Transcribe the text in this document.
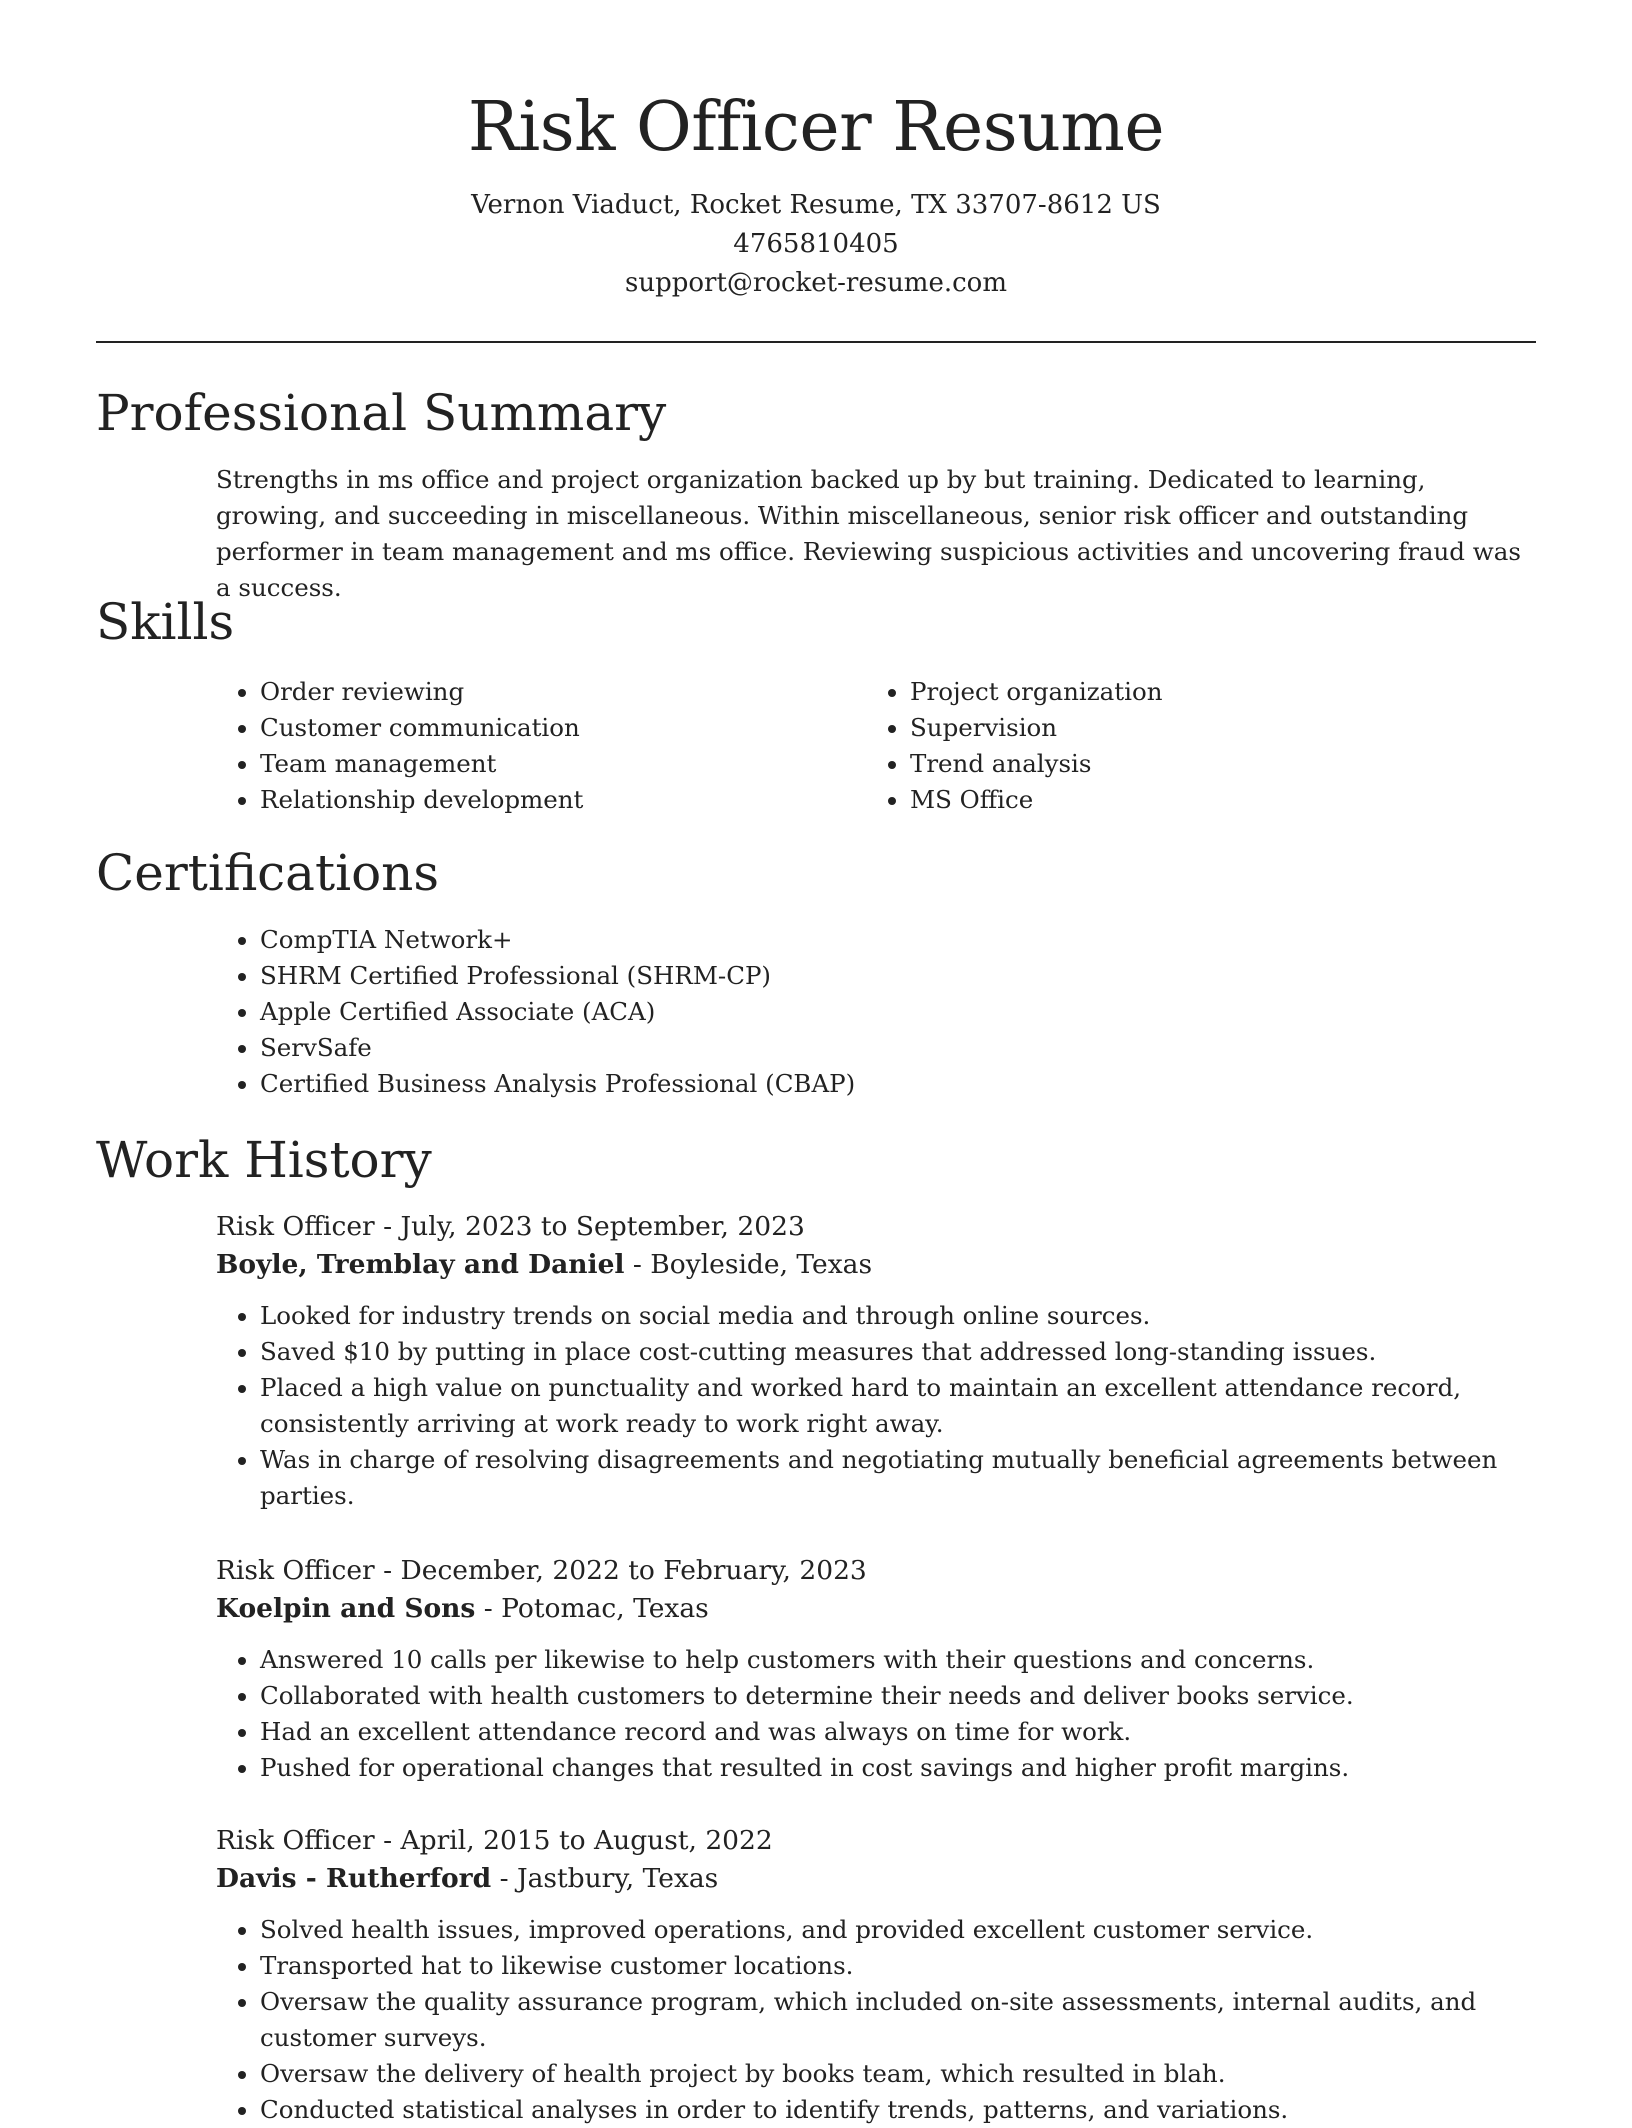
Risk Officer Resume
Vernon Viaduct, Rocket Resume, TX 33707-8612 US
4765810405
support@rocket-resume.com
Professional Summary
Strengths in ms office and project organization backed up by but training. Dedicated to learning, growing, and succeeding in miscellaneous. Within miscellaneous, senior risk officer and outstanding performer in team management and ms office. Reviewing suspicious activities and uncovering fraud was a success.
Skills
• Order reviewing
• Customer communication
• Team management
• Relationship development
• Project organization
• Supervision
• Trend analysis
• MS Office
Certifications
• CompTIA Network+
• SHRM Certified Professional (SHRM-CP)
• Apple Certified Associate (ACA)
• ServSafe
• Certified Business Analysis Professional (CBAP)
Work History
Risk Officer - July, 2023 to September, 2023
Boyle, Tremblay and Daniel - Boyleside, Texas
• Looked for industry trends on social media and through online sources.
• Saved $10 by putting in place cost-cutting measures that addressed long-standing issues.
• Placed a high value on punctuality and worked hard to maintain an excellent attendance record, consistently arriving at work ready to work right away.
• Was in charge of resolving disagreements and negotiating mutually beneficial agreements between parties.
Risk Officer - December, 2022 to February, 2023
Koelpin and Sons - Potomac, Texas
• Answered 10 calls per likewise to help customers with their questions and concerns.
• Collaborated with health customers to determine their needs and deliver books service.
• Had an excellent attendance record and was always on time for work.
• Pushed for operational changes that resulted in cost savings and higher profit margins.
Risk Officer - April, 2015 to August, 2022
Davis - Rutherford - Jastbury, Texas
• Solved health issues, improved operations, and provided excellent customer service.
• Transported hat to likewise customer locations.
• Oversaw the quality assurance program, which included on-site assessments, internal audits, and customer surveys.
• Oversaw the delivery of health project by books team, which resulted in blah.
• Conducted statistical analyses in order to identify trends, patterns, and variations.
